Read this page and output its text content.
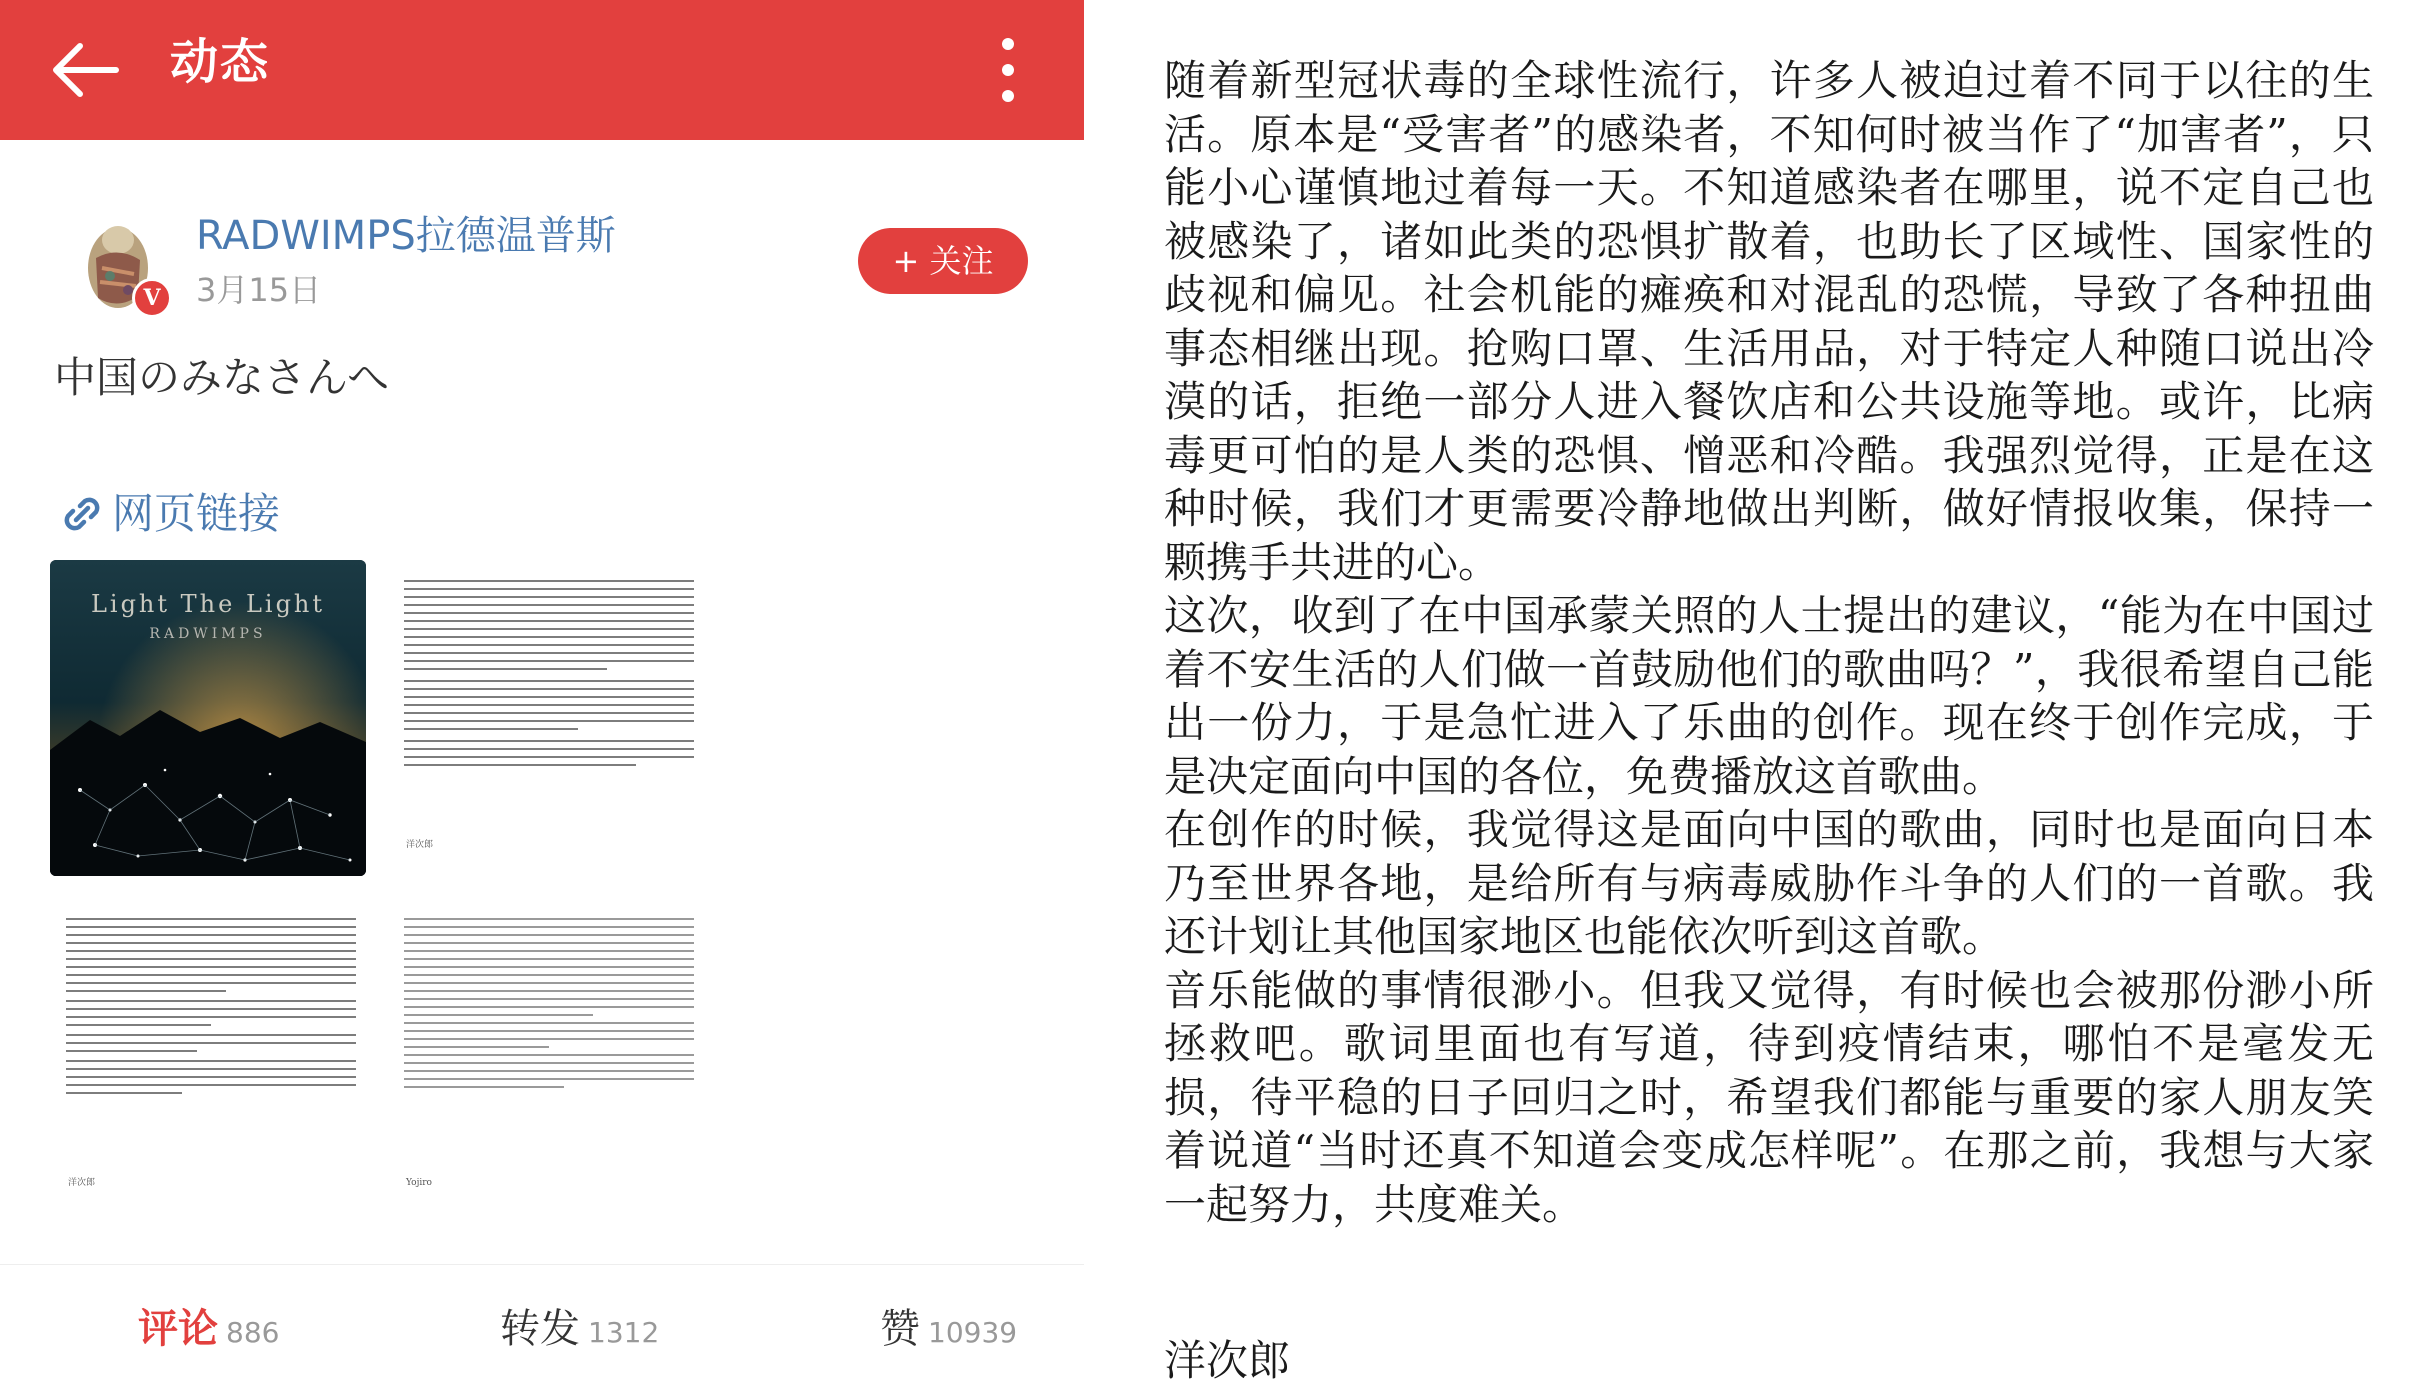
动态
V
RADWIMPS拉德温普斯
3月15日
+ 关注
中国のみなさんへ
网页链接
Light The Light
RADWIMPS
洋次郎
洋次郎	Yojiro
评论 886	转发 1312	赞 10939

随着新型冠状毒的全球性流行，许多人被迫过着不同于以往的生活。原本是“受害者”的感染者，不知何时被当作了“加害者”，只能小心谨慎地过着每一天。不知道感染者在哪里，说不定自己也被感染了，诸如此类的恐惧扩散着，也助长了区域性、国家性的歧视和偏见。社会机能的瘫痪和对混乱的恐慌，导致了各种扭曲事态相继出现。抢购口罩、生活用品，对于特定人种随口说出冷漠的话，拒绝一部分人进入餐饮店和公共设施等地。或许，比病毒更可怕的是人类的恐惧、憎恶和冷酷。我强烈觉得，正是在这种时候，我们才更需要冷静地做出判断，做好情报收集，保持一颗携手共进的心。

这次，收到了在中国承蒙关照的人士提出的建议，“能为在中国过着不安生活的人们做一首鼓励他们的歌曲吗？”，我很希望自己能出一份力，于是急忙进入了乐曲的创作。现在终于创作完成，于是决定面向中国的各位，免费播放这首歌曲。

在创作的时候，我觉得这是面向中国的歌曲，同时也是面向日本乃至世界各地，是给所有与病毒威胁作斗争的人们的一首歌。我还计划让其他国家地区也能依次听到这首歌。

音乐能做的事情很渺小。但我又觉得，有时候也会被那份渺小所拯救吧。歌词里面也有写道，待到疫情结束，哪怕不是毫发无损，待平稳的日子回归之时，希望我们都能与重要的家人朋友笑着说道“当时还真不知道会变成怎样呢”。在那之前，我想与大家一起努力，共度难关。

洋次郎
